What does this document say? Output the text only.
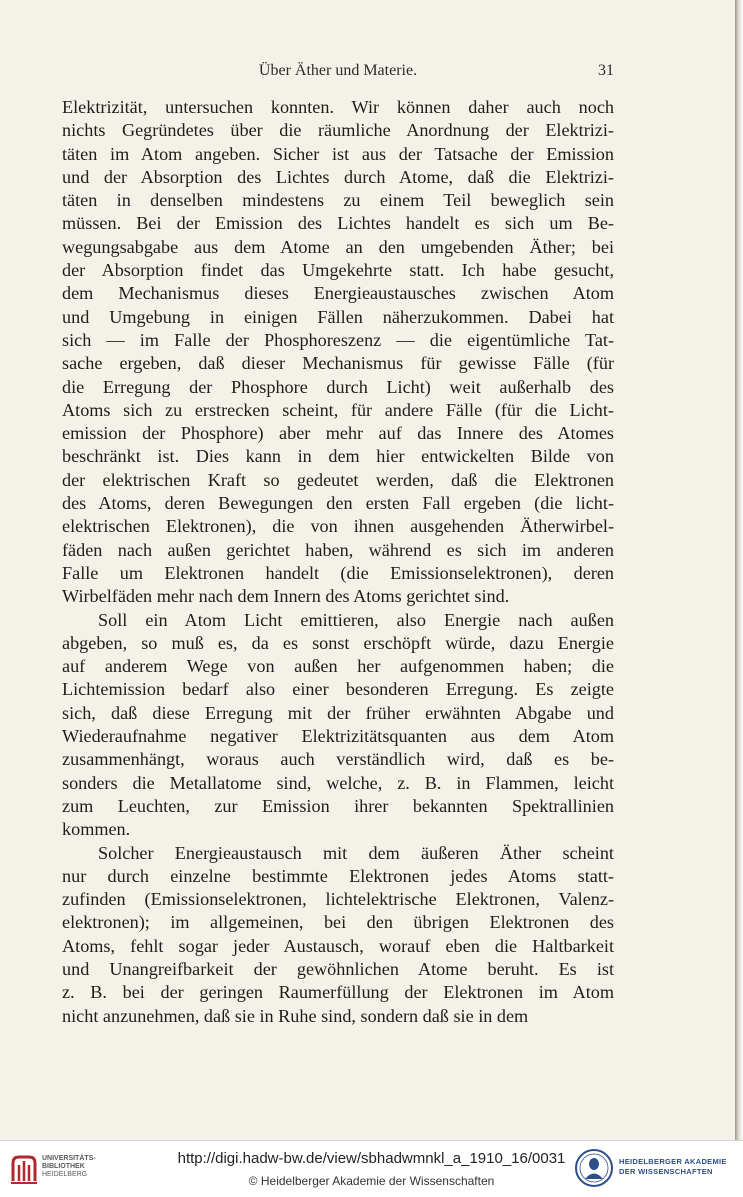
Über Äther und Materie.	31
Elektrizität, untersuchen konnten. Wir können daher auch noch
nichts Gegründetes über die räumliche Anordnung der Elektrizi-
täten im Atom angeben. Sicher ist aus der Tatsache der Emission
und der Absorption des Lichtes durch Atome, daß die Elektrizi-
täten in denselben mindestens zu einem Teil beweglich sein
müssen. Bei der Emission des Lichtes handelt es sich um Be-
wegungsabgabe aus dem Atome an den umgebenden Äther; bei
der Absorption findet das Umgekehrte statt. Ich habe gesucht,
dem Mechanismus dieses Energieaustausches zwischen Atom
und Umgebung in einigen Fällen näherzukommen. Dabei hat
sich — im Falle der Phosphoreszenz — die eigentümliche Tat-
sache ergeben, daß dieser Mechanismus für gewisse Fälle (für
die Erregung der Phosphore durch Licht) weit außerhalb des
Atoms sich zu erstrecken scheint, für andere Fälle (für die Licht-
emission der Phosphore) aber mehr auf das Innere des Atomes
beschränkt ist. Dies kann in dem hier entwickelten Bilde von
der elektrischen Kraft so gedeutet werden, daß die Elektronen
des Atoms, deren Bewegungen den ersten Fall ergeben (die licht-
elektrischen Elektronen), die von ihnen ausgehenden Ätherwirbel-
fäden nach außen gerichtet haben, während es sich im anderen
Falle um Elektronen handelt (die Emissionselektronen), deren
Wirbelfäden mehr nach dem Innern des Atoms gerichtet sind.
Soll ein Atom Licht emittieren, also Energie nach außen
abgeben, so muß es, da es sonst erschöpft würde, dazu Energie
auf anderem Wege von außen her aufgenommen haben; die
Lichtemission bedarf also einer besonderen Erregung. Es zeigte
sich, daß diese Erregung mit der früher erwähnten Abgabe und
Wiederaufnahme negativer Elektrizitätsquanten aus dem Atom
zusammenhängt, woraus auch verständlich wird, daß es be-
sonders die Metallatome sind, welche, z. B. in Flammen, leicht
zum Leuchten, zur Emission ihrer bekannten Spektrallinien
kommen.
Solcher Energieaustausch mit dem äußeren Äther scheint
nur durch einzelne bestimmte Elektronen jedes Atoms statt-
zufinden (Emissionselektronen, lichtelektrische Elektronen, Valenz-
elektronen); im allgemeinen, bei den übrigen Elektronen des
Atoms, fehlt sogar jeder Austausch, worauf eben die Haltbarkeit
und Unangreifbarkeit der gewöhnlichen Atome beruht. Es ist
z. B. bei der geringen Raumerfüllung der Elektronen im Atom
nicht anzunehmen, daß sie in Ruhe sind, sondern daß sie in dem
UNIVERSITÄTS-
BIBLIOTHEK
HEIDELBERG
http://digi.hadw-bw.de/view/sbhadwmnkl_a_1910_16/0031
© Heidelberger Akademie der Wissenschaften
HEIDELBERGER AKADEMIE
DER WISSENSCHAFTEN
